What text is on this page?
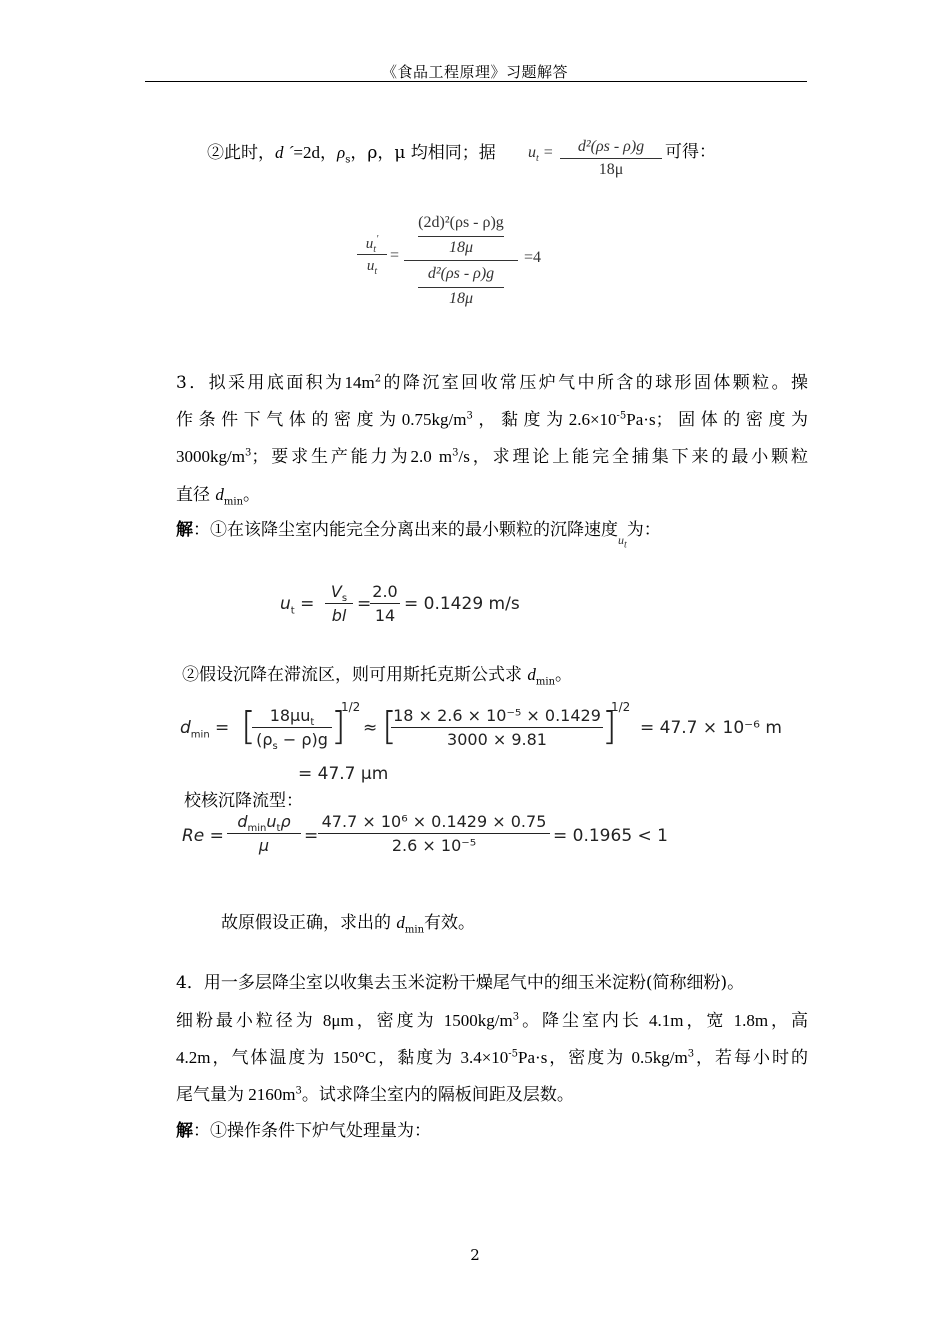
《食品工程原理》习题解答
②此时，d ´=2d，$\rho_s$，ρ，μ 均相同；据 $u_t = \frac{\text{d²(ρs - ρ)g}}{18\mu}$ 可得：
$u_t'$
$u_t$
=
(2d)²(ρs - ρ)g
18μ
d²(ρs - ρ)g
18μ
=4
3．拟采用底面积为$14m^2$的降沉室回收常压炉气中所含的球形固体颗粒。操
作条件下气体的密度为$0.75kg/m^3$，黏度为$2.6\times 10^{-5}Pa\cdot s$；固体的密度为
$3000kg/m^3$；要求生产能力为2.0 $m^3/s$，求理论上能完全捕集下来的最小颗粒
直径 $d_{min}$。
解：①在该降尘室内能完全分离出来的最小颗粒的沉降速度$_{u_t}$为：
$u_t$ =
$V_s$
bl
=
2.0
14
= 0.1429 m/s
②假设沉降在滞流区，则可用斯托克斯公式求 $d_{min}$。
$d_{min}$ = [ $18\mu u_t$
$(\rho_s - \rho)g$ ]
1/2
≈ [
$\frac{\text{18 × 2.6 × 10⁻⁵ × 0.1429}}{3000 \times 9.81}$ ]
1/2
= 47.7 × 10⁻⁶ m
= 47.7 μm
校核沉降流型：
Re =
$d_{min}u_t\rho$
μ	= $\frac{\text{47.7 × 10⁶ × 0.1429 × 0.75}}{\text{2.6 × 10⁻⁵}} = 0.1965 < 1$
故原假设正确，求出的 $d_{min}$有效。
4．用一多层降尘室以收集去玉米淀粉干燥尾气中的细玉米淀粉(简称细粉)。
细粉最小粒径为 8μm，密度为 $1500kg/m^3$。降尘室内长 4.1m，宽 1.8m，高
4.2m，气体温度为 150°C，黏度为 $3.4\times 10^{-5}Pa\cdot s$，密度为 $0.5kg/m^3$，若每小时的
尾气量为 $2160m^3$。试求降尘室内的隔板间距及层数。
解：①操作条件下炉气处理量为：
2
